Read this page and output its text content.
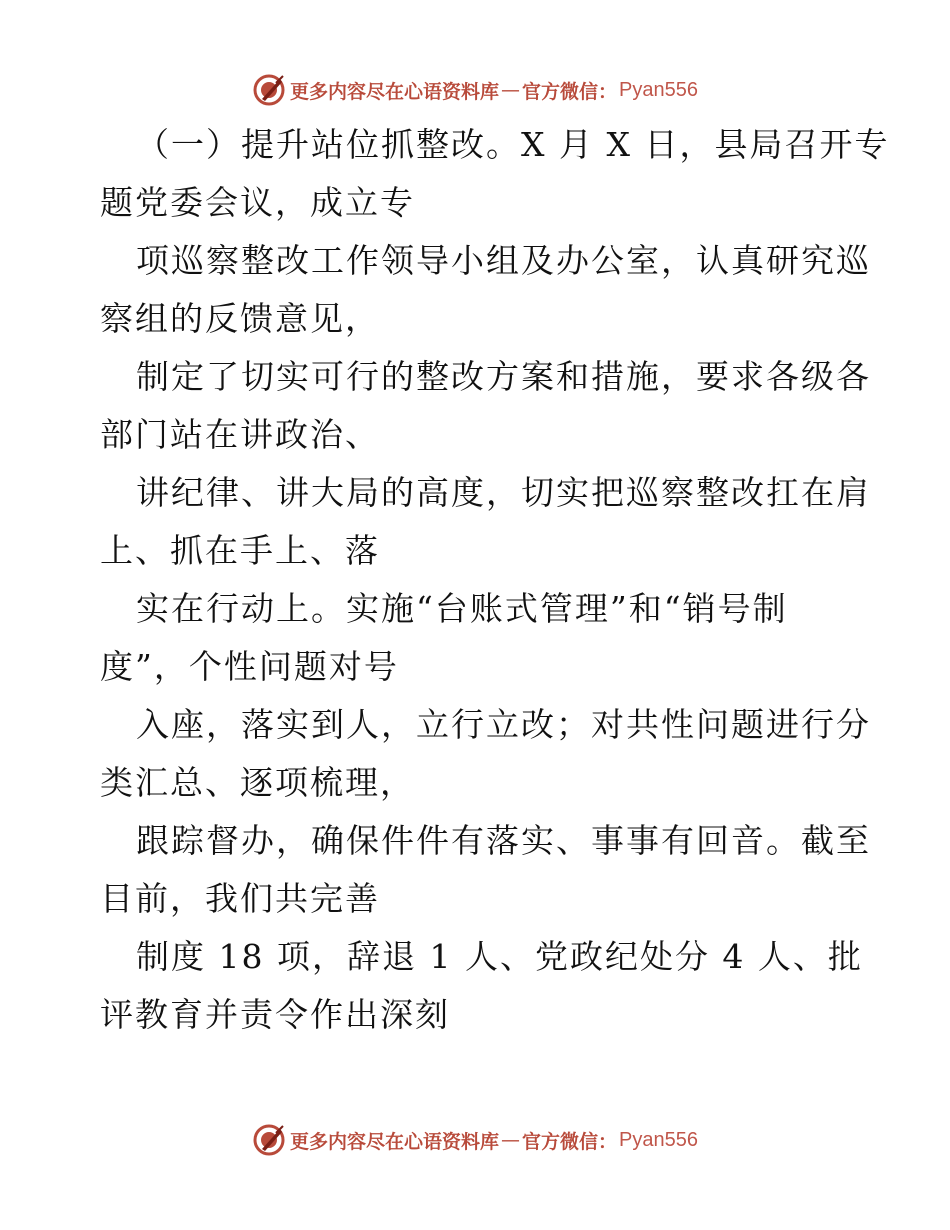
更多内容尽在心语资料库 — 官方微信： Pyan556

（一）提升站位抓整改。X 月 X 日，县局召开专

题党委会议，成立专

项巡察整改工作领导小组及办公室，认真研究巡

察组的反馈意见，

制定了切实可行的整改方案和措施，要求各级各

部门站在讲政治、

讲纪律、讲大局的高度，切实把巡察整改扛在肩

上、抓在手上、落

实在行动上。实施“台账式管理”和“销号制

度”，个性问题对号

入座，落实到人，立行立改；对共性问题进行分

类汇总、逐项梳理，

跟踪督办，确保件件有落实、事事有回音。截至

目前，我们共完善

制度 18 项，辞退 1 人、党政纪处分 4 人、批

评教育并责令作出深刻

更多内容尽在心语资料库 — 官方微信： Pyan556
